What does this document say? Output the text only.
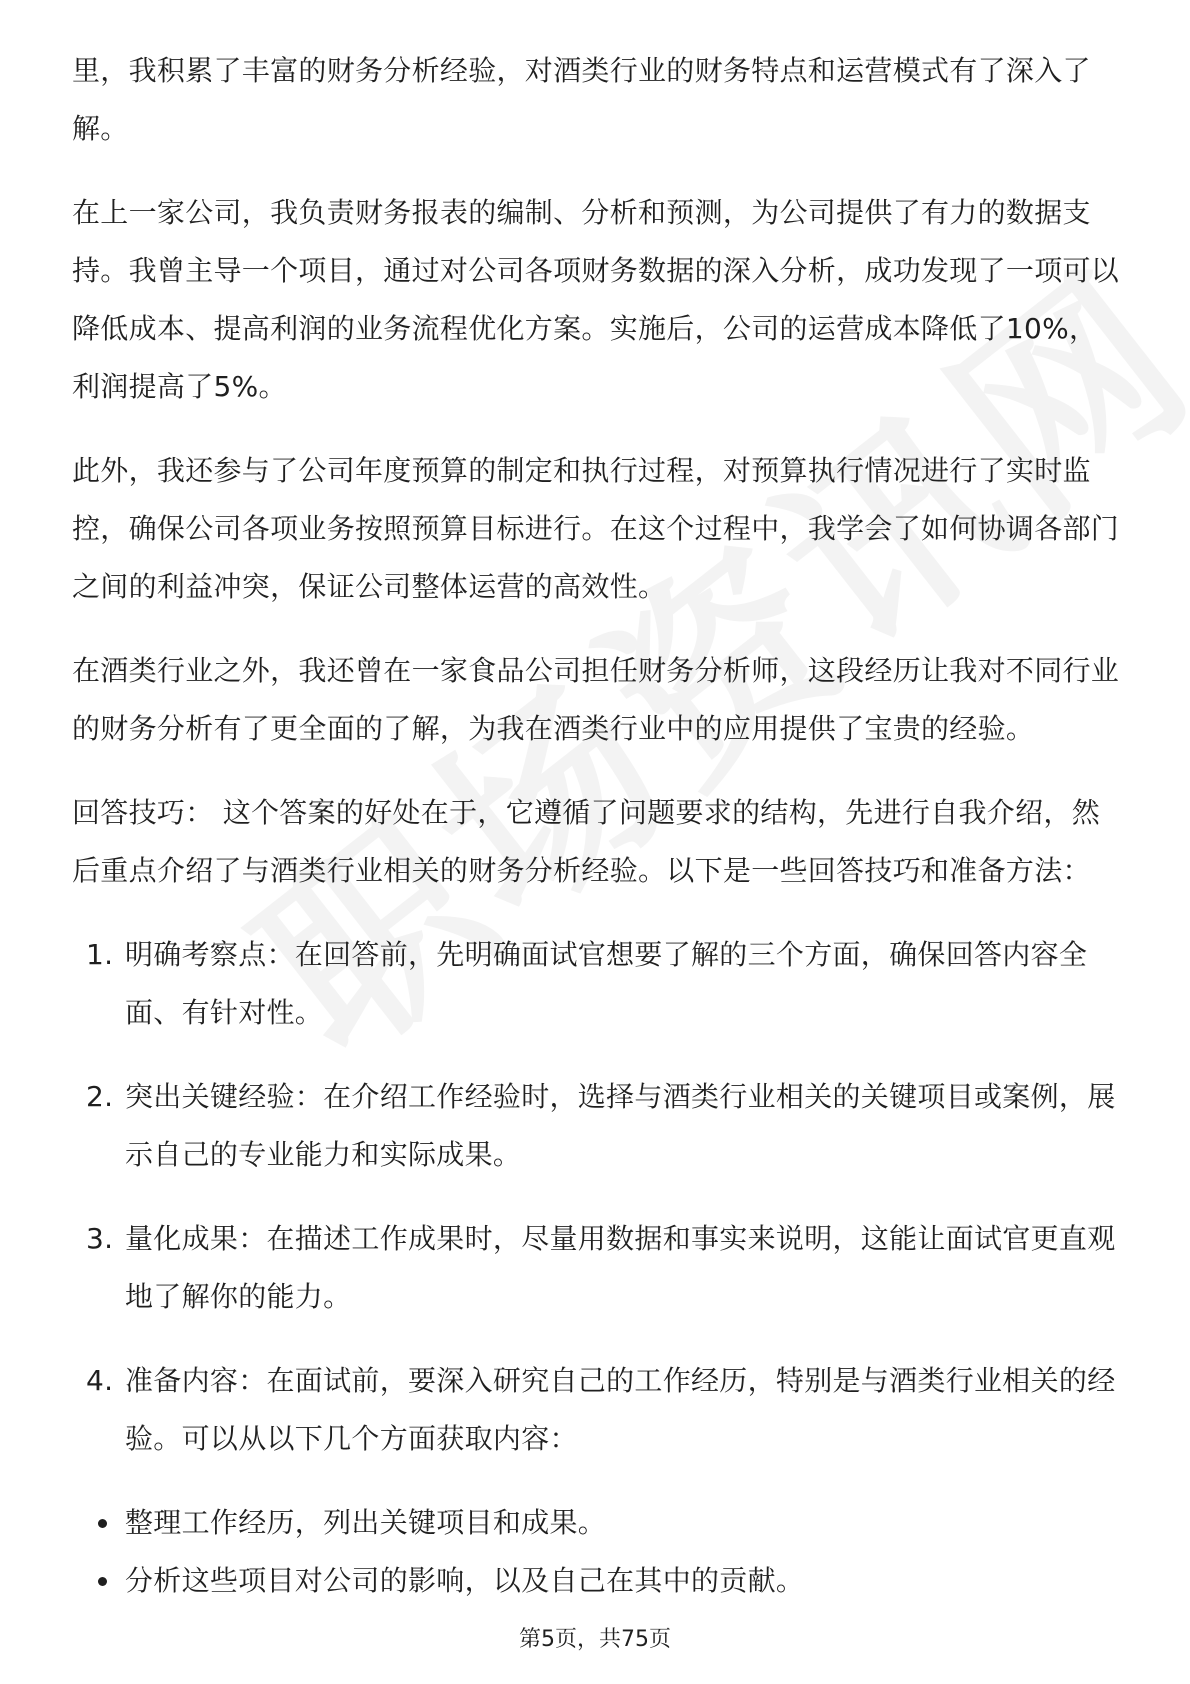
里，我积累了丰富的财务分析经验，对酒类行业的财务特点和运营模式有了深入了解。

在上一家公司，我负责财务报表的编制、分析和预测，为公司提供了有力的数据支持。我曾主导一个项目，通过对公司各项财务数据的深入分析，成功发现了一项可以降低成本、提高利润的业务流程优化方案。实施后，公司的运营成本降低了10%，利润提高了5%。

此外，我还参与了公司年度预算的制定和执行过程，对预算执行情况进行了实时监控，确保公司各项业务按照预算目标进行。在这个过程中，我学会了如何协调各部门之间的利益冲突，保证公司整体运营的高效性。

在酒类行业之外，我还曾在一家食品公司担任财务分析师，这段经历让我对不同行业的财务分析有了更全面的了解，为我在酒类行业中的应用提供了宝贵的经验。

回答技巧： 这个答案的好处在于，它遵循了问题要求的结构，先进行自我介绍，然后重点介绍了与酒类行业相关的财务分析经验。以下是一些回答技巧和准备方法：

1. 明确考察点：在回答前，先明确面试官想要了解的三个方面，确保回答内容全面、有针对性。
2. 突出关键经验：在介绍工作经验时，选择与酒类行业相关的关键项目或案例，展示自己的专业能力和实际成果。
3. 量化成果：在描述工作成果时，尽量用数据和事实来说明，这能让面试官更直观地了解你的能力。
4. 准备内容：在面试前，要深入研究自己的工作经历，特别是与酒类行业相关的经验。可以从以下几个方面获取内容：
整理工作经历，列出关键项目和成果。
分析这些项目对公司的影响，以及自己在其中的贡献。
第5页，共75页
